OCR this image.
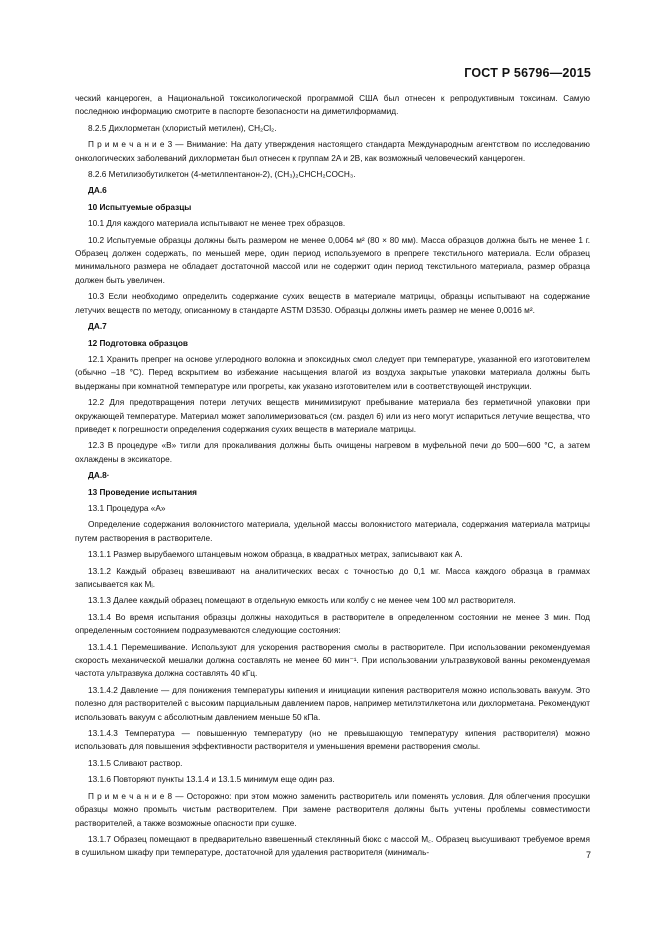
ГОСТ Р 56796—2015

ческий канцероген, а Национальной токсикологической программой США был отнесен к репродуктивным токсинам. Самую последнюю информацию смотрите в паспорте безопасности на диметилформамид.

8.2.5 Дихлорметан (хлористый метилен), CH₂Cl₂.

П р и м е ч а н и е 3 — Внимание: На дату утверждения настоящего стандарта Международным агентством по исследованию онкологических заболеваний дихлорметан был отнесен к группам 2A и 2B, как возможный человеческий канцероген.

8.2.6 Метилизобутилкетон (4-метилпентанон-2), (CH₃)₂CHCH₂COCH₃.

ДА.6

10 Испытуемые образцы

10.1 Для каждого материала испытывают не менее трех образцов.

10.2 Испытуемые образцы должны быть размером не менее 0,0064 м² (80 × 80 мм). Масса образцов должна быть не менее 1 г. Образец должен содержать, по меньшей мере, один период используемого в препреге текстильного материала. Если образец минимального размера не обладает достаточной массой или не содержит один период текстильного материала, размер образца должен быть увеличен.

10.3 Если необходимо определить содержание сухих веществ в материале матрицы, образцы испытывают на содержание летучих веществ по методу, описанному в стандарте ASTM D3530. Образцы должны иметь размер не менее 0,0016 м².

ДА.7

12 Подготовка образцов

12.1 Хранить препрег на основе углеродного волокна и эпоксидных смол следует при температуре, указанной его изготовителем (обычно –18 °C). Перед вскрытием во избежание насыщения влагой из воздуха закрытые упаковки материала должны быть выдержаны при комнатной температуре или прогреты, как указано изготовителем или в соответствующей инструкции.

12.2 Для предотвращения потери летучих веществ минимизируют пребывание материала без герметичной упаковки при окружающей температуре. Материал может заполимеризоваться (см. раздел 6) или из него могут испариться летучие вещества, что приведет к погрешности определения содержания сухих веществ в материале матрицы.

12.3 В процедуре «В» тигли для прокаливания должны быть очищены нагревом в муфельной печи до 500—600 °C, а затем охлаждены в эксикаторе.

ДА.8·

13 Проведение испытания

13.1 Процедура «А»

Определение содержания волокнистого материала, удельной массы волокнистого материала, содержания материала матрицы путем растворения в растворителе.

13.1.1 Размер вырубаемого штанцевым ножом образца, в квадратных метрах, записывают как A.

13.1.2 Каждый образец взвешивают на аналитических весах с точностью до 0,1 мг. Масса каждого образца в граммах записывается как Mᵢ.

13.1.3 Далее каждый образец помещают в отдельную емкость или колбу с не менее чем 100 мл растворителя.

13.1.4 Во время испытания образцы должны находиться в растворителе в определенном состоянии не менее 3 мин. Под определенным состоянием подразумеваются следующие состояния:

13.1.4.1 Перемешивание. Используют для ускорения растворения смолы в растворителе. При использовании рекомендуемая скорость механической мешалки должна составлять не менее 60 мин⁻¹. При использовании ультразвуковой ванны рекомендуемая частота ультразвука должна составлять 40 кГц.

13.1.4.2 Давление — для понижения температуры кипения и инициации кипения растворителя можно использовать вакуум. Это полезно для растворителей с высоким парциальным давлением паров, например метилэтилкетона или дихлорметана. Рекомендуют использовать вакуум с абсолютным давлением меньше 50 кПа.

13.1.4.3 Температура — повышенную температуру (но не превышающую температуру кипения растворителя) можно использовать для повышения эффективности растворителя и уменьшения времени растворения смолы.

13.1.5 Сливают раствор.

13.1.6 Повторяют пункты 13.1.4 и 13.1.5 минимум еще один раз.

П р и м е ч а н и е 8 — Осторожно: при этом можно заменить растворитель или поменять условия. Для облегчения просушки образцы можно промыть чистым растворителем. При замене растворителя должны быть учтены проблемы совместимости растворителей, а также возможные опасности при сушке.

13.1.7 Образец помещают в предварительно взвешенный стеклянный бюкс с массой M꜀. Образец высушивают требуемое время в сушильном шкафу при температуре, достаточной для удаления растворителя (минималь-	7
